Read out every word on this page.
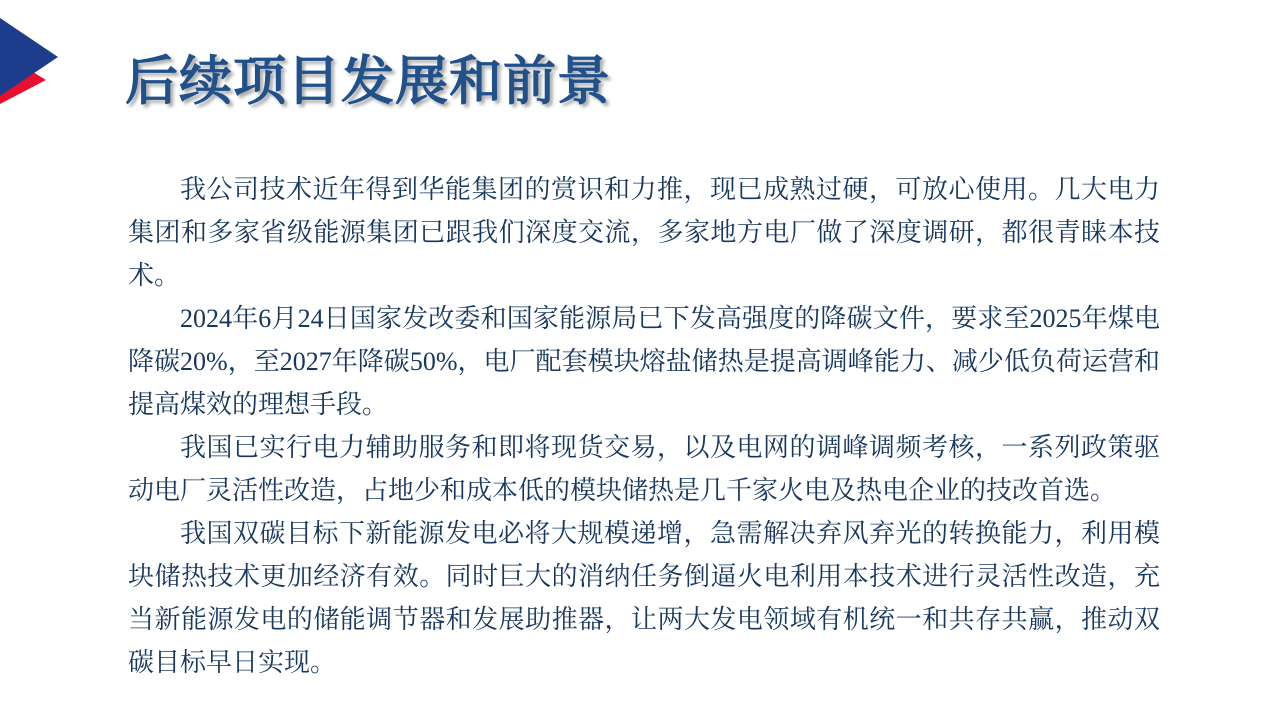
后续项目发展和前景

我公司技术近年得到华能集团的赏识和力推，现已成熟过硬，可放心使用。几大电力集团和多家省级能源集团已跟我们深度交流，多家地方电厂做了深度调研，都很青睐本技术。

2024年6月24日国家发改委和国家能源局已下发高强度的降碳文件，要求至2025年煤电降碳20%，至2027年降碳50%，电厂配套模块熔盐储热是提高调峰能力、减少低负荷运营和提高煤效的理想手段。

我国已实行电力辅助服务和即将现货交易，以及电网的调峰调频考核，一系列政策驱动电厂灵活性改造，占地少和成本低的模块储热是几千家火电及热电企业的技改首选。

我国双碳目标下新能源发电必将大规模递增，急需解决弃风弃光的转换能力，利用模块储热技术更加经济有效。同时巨大的消纳任务倒逼火电利用本技术进行灵活性改造，充当新能源发电的储能调节器和发展助推器，让两大发电领域有机统一和共存共赢，推动双碳目标早日实现。
